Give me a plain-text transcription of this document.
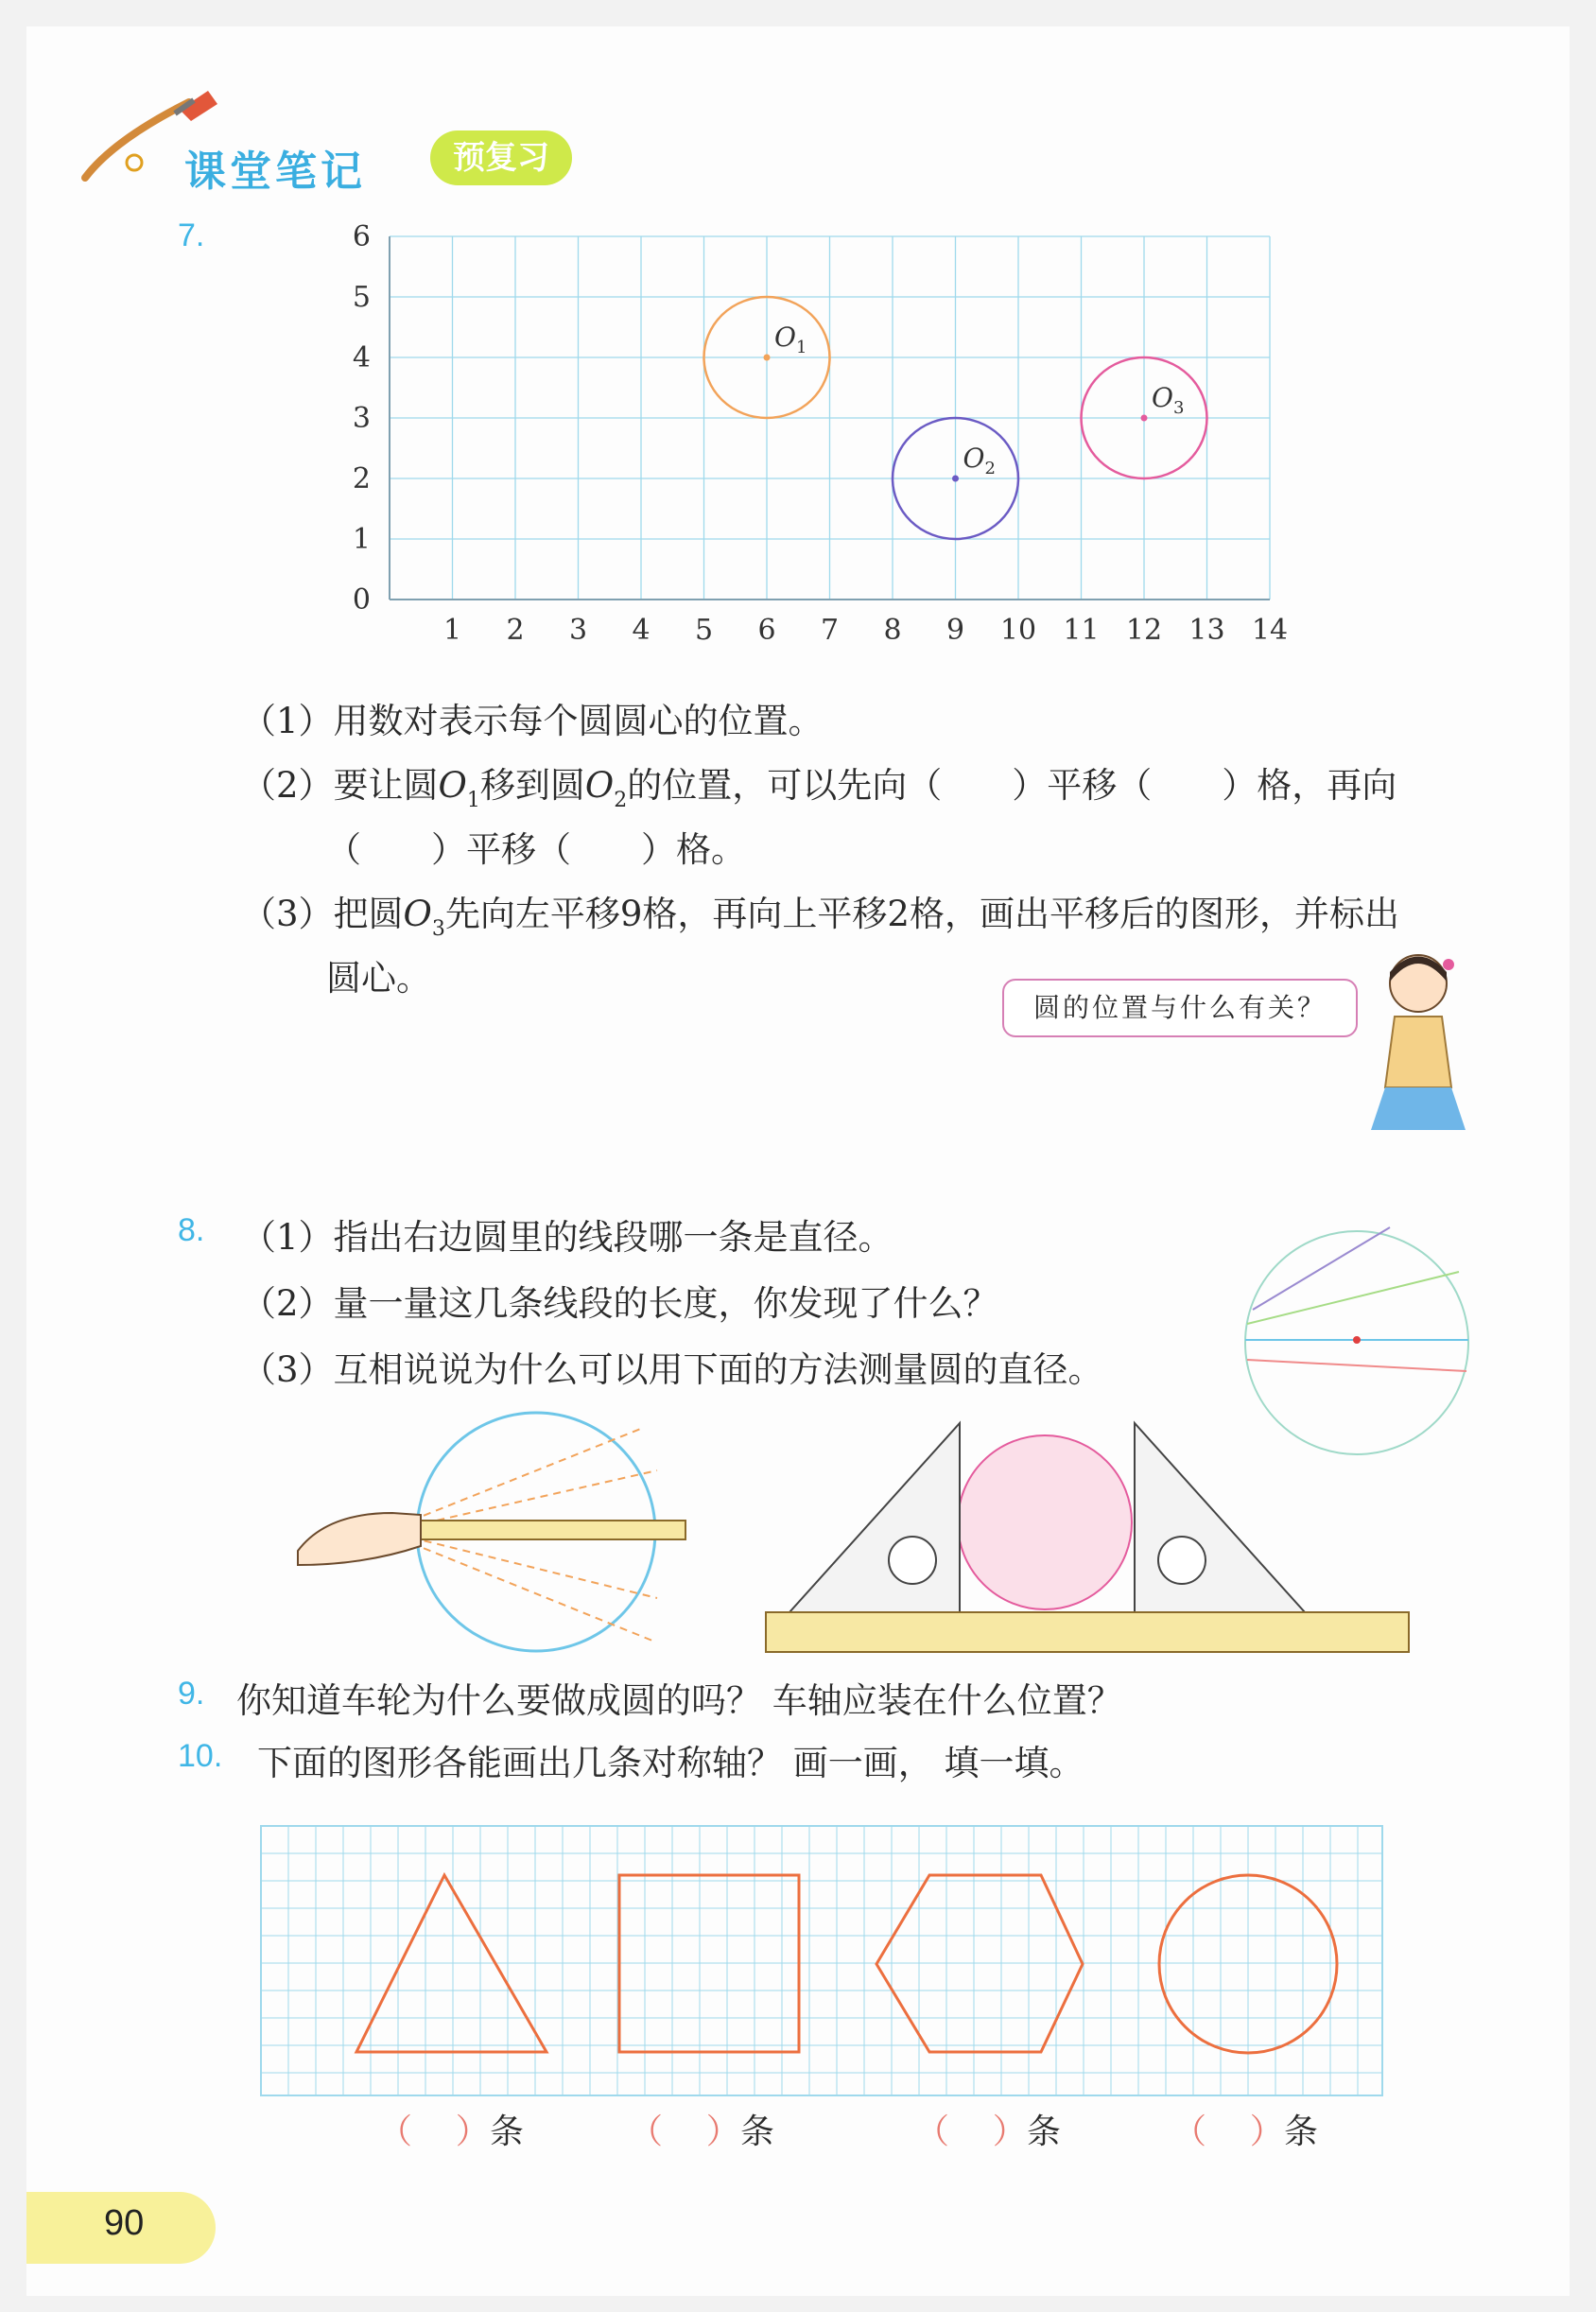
课堂笔记	预复习
7.
1 2 3 4 5 6 7 8 9 10 11 12 13 14
0
1
2
3
4
5
6
$O_1$
$O_2$
$O_3$
（1）用数对表示每个圆圆心的位置。
（2）要让圆$O_1$移到圆$O_2$的位置，可以先向（　　）平移（　　）格，再向
（　　）平移（　　）格。
（3）把圆$O_3$先向左平移9格，再向上平移2格，画出平移后的图形，并标出
圆心。
圆的位置与什么有关？
8. （1）指出右边圆里的线段哪一条是直径。
（2）量一量这几条线段的长度，你发现了什么？
（3）互相说说为什么可以用下面的方法测量圆的直径。
9. 你知道车轮为什么要做成圆的吗？ 车轴应装在什么位置？
10. 下面的图形各能画出几条对称轴？ 画一画， 填一填。
（ ）条	（ ）条	（ ）条	（ ）条
90
